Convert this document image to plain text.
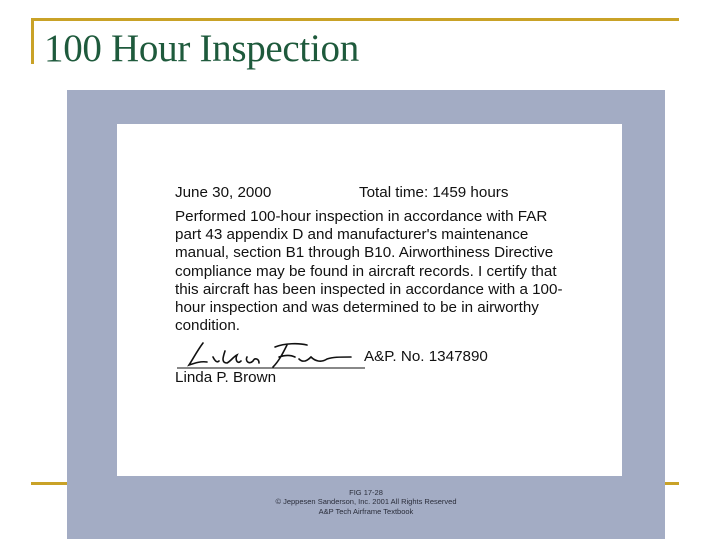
100 Hour Inspection
June 30, 2000	Total time: 1459 hours

Performed 100-hour inspection in accordance with FAR part 43 appendix D and manufacturer's maintenance manual, section B1 through B10. Airworthiness Directive compliance may be found in aircraft records. I certify that this aircraft has been inspected in accordance with a 100-hour inspection and was determined to be in airworthy condition.

A&P. No. 1347890
Linda P. Brown
FIG 17-28
© Jeppesen Sanderson, Inc. 2001 All Rights Reserved
A&P Tech Airframe Textbook
